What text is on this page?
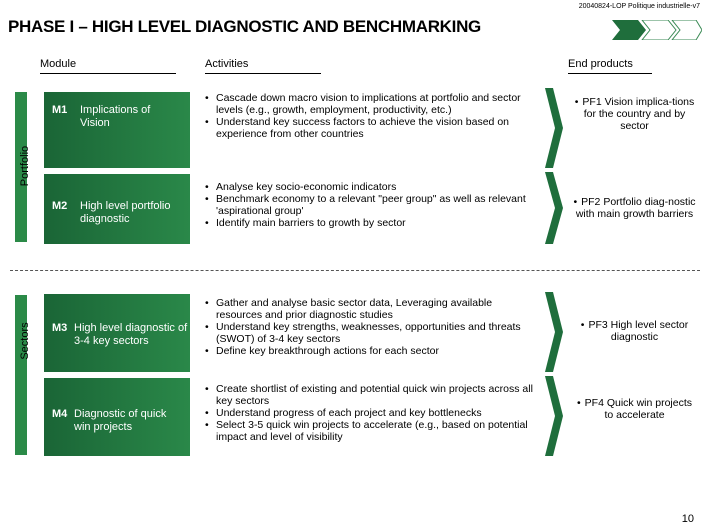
20040824-LOP Politique industrielle-v7
PHASE I – HIGH LEVEL DIAGNOSTIC AND BENCHMARKING
Module	Activities	End products
Portfolio
Sectors
M1 Implications of Vision
M2 High level portfolio diagnostic
M3 High level diagnostic of 3-4 key sectors
M4 Diagnostic of quick win projects
• Cascade down macro vision to implications at portfolio and sector levels (e.g., growth, employment, productivity, etc.)
• Understand key success factors to achieve the vision based on experience from other countries
• Analyse key socio-economic indicators
• Benchmark economy to a relevant "peer group" as well as relevant 'aspirational group'
• Identify main barriers to growth by sector
• Gather and analyse basic sector data, Leveraging available resources and prior diagnostic studies
• Understand key strengths, weaknesses, opportunities and threats (SWOT) of 3-4 key sectors
• Define key breakthrough actions for each sector
• Create shortlist of existing and potential quick win projects across all key sectors
• Understand progress of each project and key bottlenecks
• Select 3-5 quick win projects to accelerate (e.g., based on potential impact and level of visibility
• PF1 Vision implica-tions for the country and by sector
• PF2 Portfolio diag-nostic with main growth barriers
• PF3 High level sector diagnostic
• PF4 Quick win projects to accelerate
10
